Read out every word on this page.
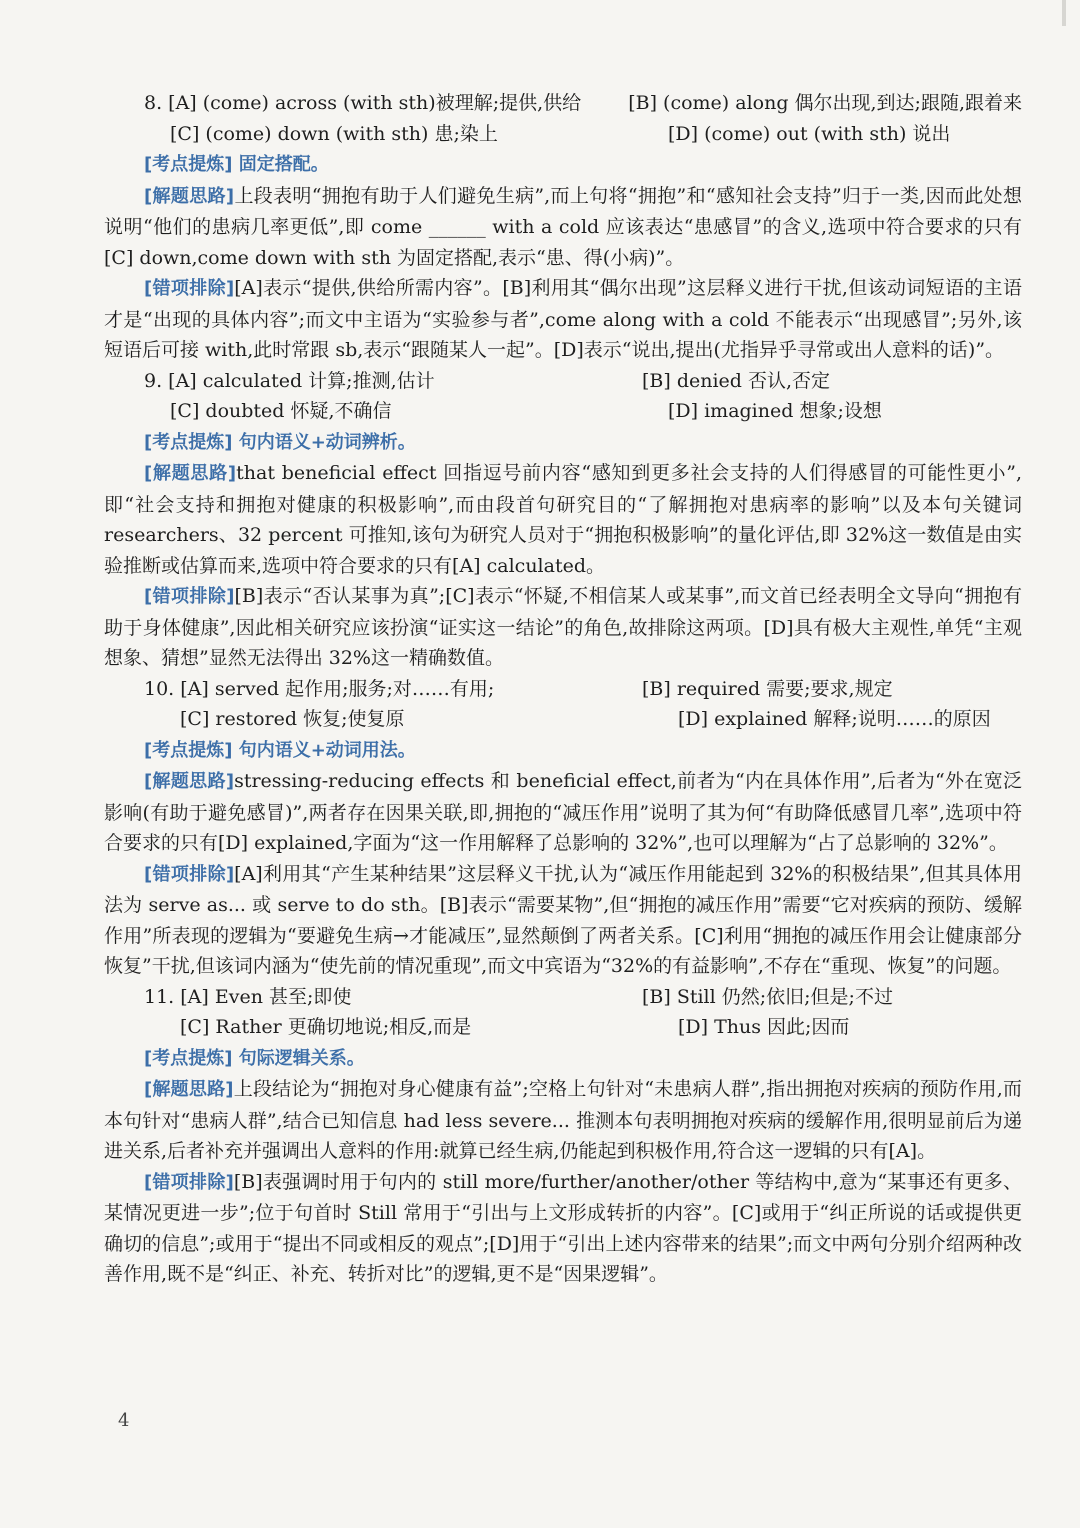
8. [A] (come) across (with sth)被理解;提供,供给	[B] (come) along 偶尔出现,到达;跟随,跟着来
[C] (come) down (with sth) 患;染上	[D] (come) out (with sth) 说出
[考点提炼] 固定搭配。
[解题思路]上段表明“拥抱有助于人们避免生病”,而上句将“拥抱”和“感知社会支持”归于一类,因而此处想说明“他们的患病几率更低”,即 come ______ with a cold 应该表达“患感冒”的含义,选项中符合要求的只有[C] down,come down with sth 为固定搭配,表示“患、得(小病)”。
[错项排除][A]表示“提供,供给所需内容”。[B]利用其“偶尔出现”这层释义进行干扰,但该动词短语的主语才是“出现的具体内容”;而文中主语为“实验参与者”,come along with a cold 不能表示“出现感冒”;另外,该短语后可接 with,此时常跟 sb,表示“跟随某人一起”。[D]表示“说出,提出(尤指异乎寻常或出人意料的话)”。
9. [A] calculated 计算;推测,估计	[B] denied 否认,否定
[C] doubted 怀疑,不确信	[D] imagined 想象;设想
[考点提炼] 句内语义+动词辨析。
[解题思路]that beneficial effect 回指逗号前内容“感知到更多社会支持的人们得感冒的可能性更小”,即“社会支持和拥抱对健康的积极影响”,而由段首句研究目的“了解拥抱对患病率的影响”以及本句关键词 researchers、32 percent 可推知,该句为研究人员对于“拥抱积极影响”的量化评估,即 32%这一数值是由实验推断或估算而来,选项中符合要求的只有[A] calculated。
[错项排除][B]表示“否认某事为真”;[C]表示“怀疑,不相信某人或某事”,而文首已经表明全文导向“拥抱有助于身体健康”,因此相关研究应该扮演“证实这一结论”的角色,故排除这两项。[D]具有极大主观性,单凭“主观想象、猜想”显然无法得出 32%这一精确数值。
10. [A] served 起作用;服务;对……有用;	[B] required 需要;要求,规定
[C] restored 恢复;使复原	[D] explained 解释;说明……的原因
[考点提炼] 句内语义+动词用法。
[解题思路]stressing-reducing effects 和 beneficial effect,前者为“内在具体作用”,后者为“外在宽泛影响(有助于避免感冒)”,两者存在因果关联,即,拥抱的“减压作用”说明了其为何“有助降低感冒几率”,选项中符合要求的只有[D] explained,字面为“这一作用解释了总影响的 32%”,也可以理解为“占了总影响的 32%”。
[错项排除][A]利用其“产生某种结果”这层释义干扰,认为“减压作用能起到 32%的积极结果”,但其具体用法为 serve as... 或 serve to do sth。[B]表示“需要某物”,但“拥抱的减压作用”需要“它对疾病的预防、缓解作用”所表现的逻辑为“要避免生病→才能减压”,显然颠倒了两者关系。[C]利用“拥抱的减压作用会让健康部分恢复”干扰,但该词内涵为“使先前的情况重现”,而文中宾语为“32%的有益影响”,不存在“重现、恢复”的问题。
11. [A] Even 甚至;即使	[B] Still 仍然;依旧;但是;不过
[C] Rather 更确切地说;相反,而是	[D] Thus 因此;因而
[考点提炼] 句际逻辑关系。
[解题思路]上段结论为“拥抱对身心健康有益”;空格上句针对“未患病人群”,指出拥抱对疾病的预防作用,而本句针对“患病人群”,结合已知信息 had less severe... 推测本句表明拥抱对疾病的缓解作用,很明显前后为递进关系,后者补充并强调出人意料的作用:就算已经生病,仍能起到积极作用,符合这一逻辑的只有[A]。
[错项排除][B]表强调时用于句内的 still more/further/another/other 等结构中,意为“某事还有更多、某情况更进一步”;位于句首时 Still 常用于“引出与上文形成转折的内容”。[C]或用于“纠正所说的话或提供更确切的信息”;或用于“提出不同或相反的观点”;[D]用于“引出上述内容带来的结果”;而文中两句分别介绍两种改善作用,既不是“纠正、补充、转折对比”的逻辑,更不是“因果逻辑”。
4
